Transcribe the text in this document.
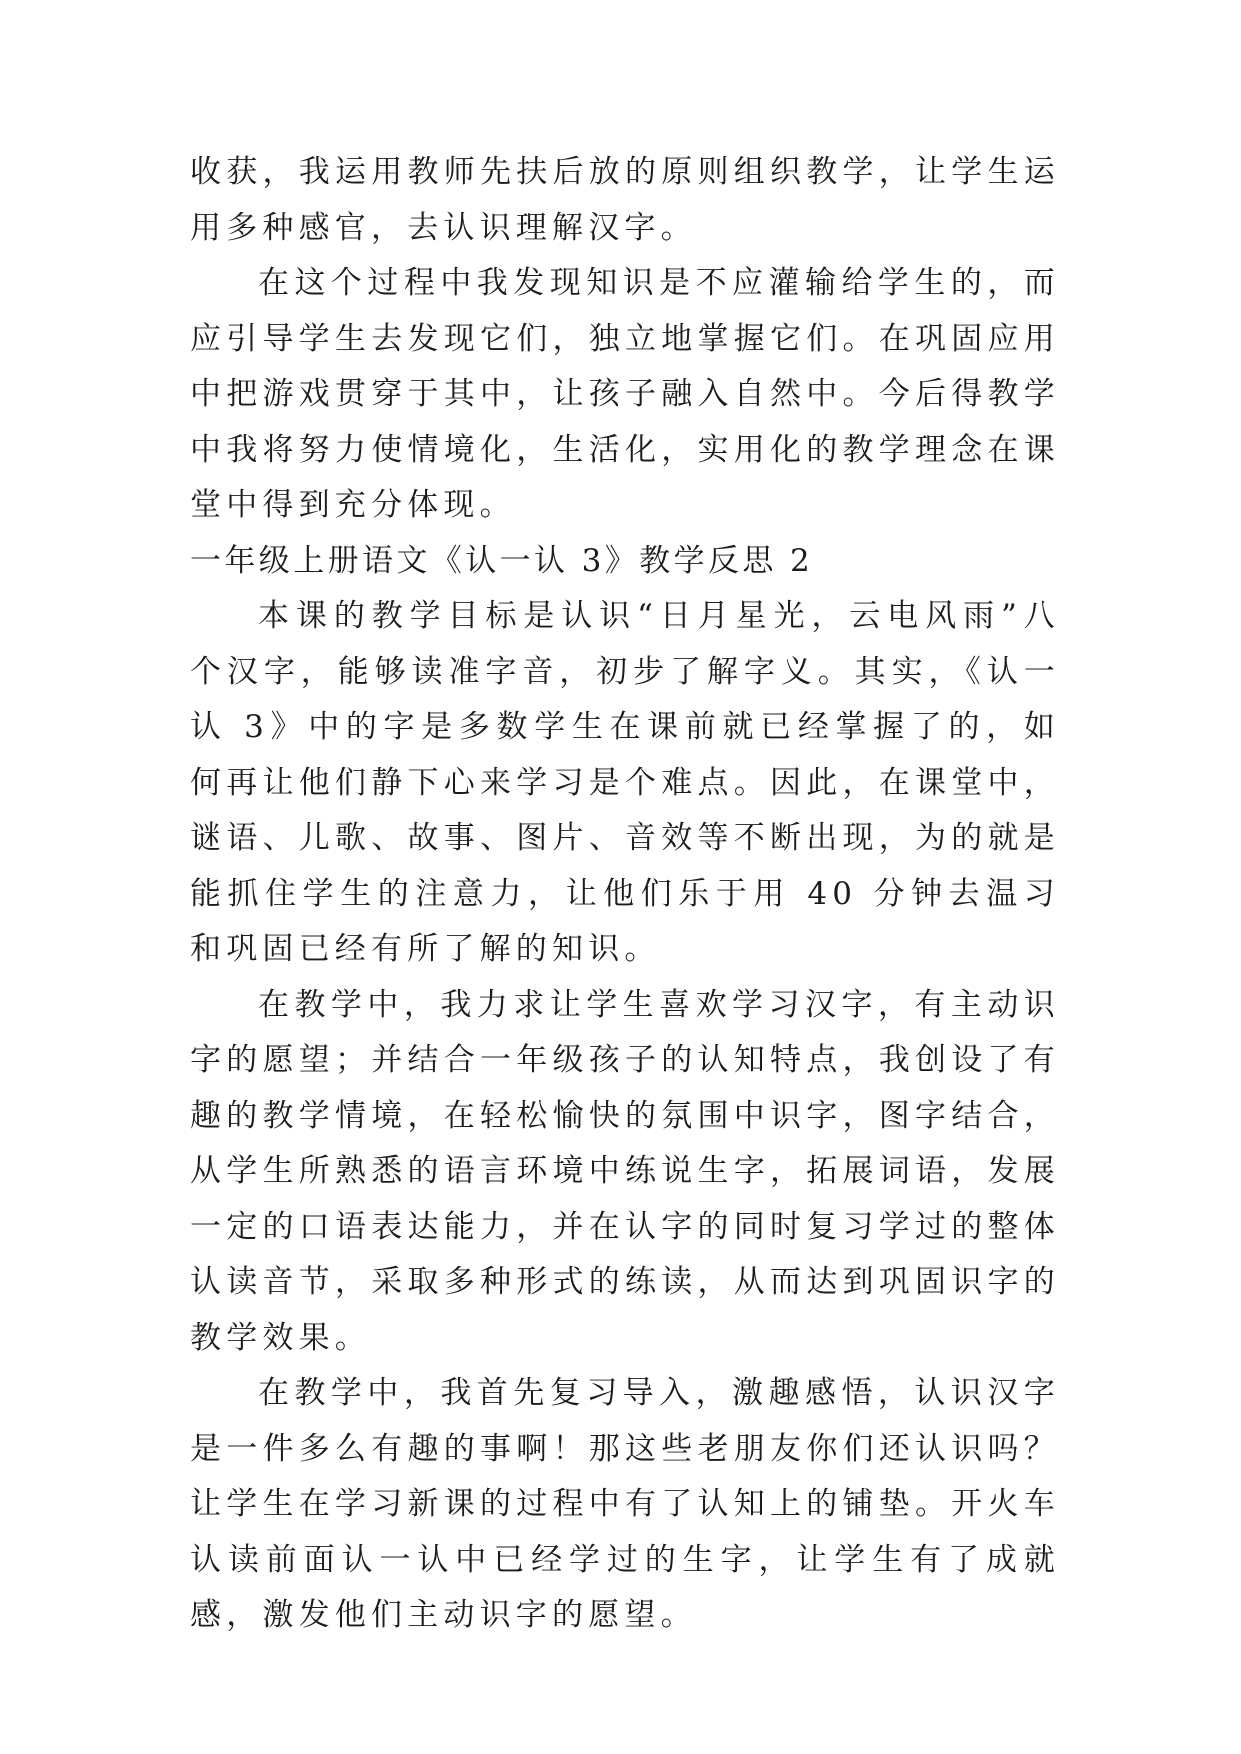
收获，我运用教师先扶后放的原则组织教学，让学生运用多种感官，去认识理解汉字。

在这个过程中我发现知识是不应灌输给学生的，而应引导学生去发现它们，独立地掌握它们。在巩固应用中把游戏贯穿于其中，让孩子融入自然中。今后得教学中我将努力使情境化，生活化，实用化的教学理念在课堂中得到充分体现。

一年级上册语文《认一认 3》教学反思 2

本课的教学目标是认识“日月星光，云电风雨”八个汉字，能够读准字音，初步了解字义。其实，《认一认 3》中的字是多数学生在课前就已经掌握了的，如何再让他们静下心来学习是个难点。因此，在课堂中，谜语、儿歌、故事、图片、音效等不断出现，为的就是能抓住学生的注意力，让他们乐于用 40 分钟去温习和巩固已经有所了解的知识。

在教学中，我力求让学生喜欢学习汉字，有主动识字的愿望；并结合一年级孩子的认知特点，我创设了有趣的教学情境，在轻松愉快的氛围中识字，图字结合，从学生所熟悉的语言环境中练说生字，拓展词语，发展一定的口语表达能力，并在认字的同时复习学过的整体认读音节，采取多种形式的练读，从而达到巩固识字的教学效果。

在教学中，我首先复习导入，激趣感悟，认识汉字是一件多么有趣的事啊！那这些老朋友你们还认识吗？让学生在学习新课的过程中有了认知上的铺垫。开火车认读前面认一认中已经学过的生字，让学生有了成就感，激发他们主动识字的愿望。
